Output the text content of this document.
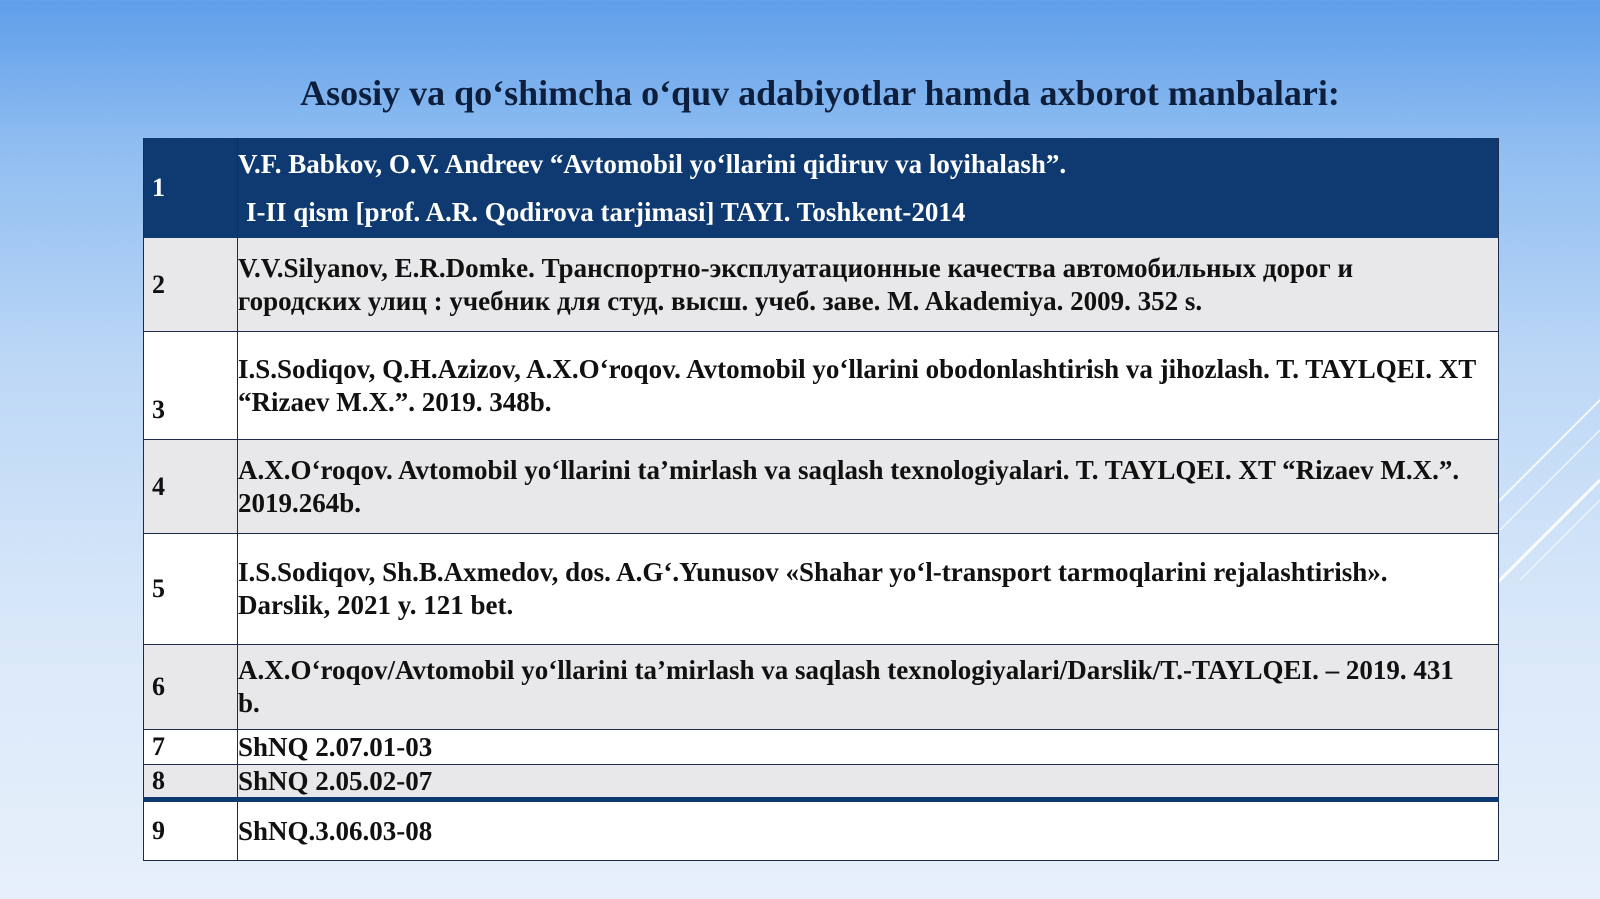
Asosiy va qo‘shimcha o‘quv adabiyotlar hamda axborot manbalari:
1	V.F. Babkov, O.V. Andreev “Avtomobil yo‘llarini qidiruv va loyihalash”.
I-II qism [prof. A.R. Qodirova tarjimasi] TAYI. Toshkent-2014

2	V.V.Silyanov, E.R.Domke. Транспортно-эксплуатационные качества автомобильных дорог и городских улиц : учебник для студ. высш. учеб. заве. M. Akademiya. 2009. 352 s.
3	I.S.Sodiqov, Q.H.Azizov, A.X.O‘roqov. Avtomobil yo‘llarini obodonlashtirish va jihozlash. T. TAYLQEI. XT “Rizaev M.X.”. 2019. 348b.
4	A.X.O‘roqov. Avtomobil yo‘llarini ta’mirlash va saqlash texnologiyalari. T. TAYLQEI. XT “Rizaev M.X.”. 2019.264b.
5	I.S.Sodiqov, Sh.B.Axmedov, dos. A.G‘.Yunusov «Shahar yo‘l-transport tarmoqlarini rejalashtirish». Darslik, 2021 y. 121 bet.
6	A.X.O‘roqov/Avtomobil yo‘llarini ta’mirlash va saqlash texnologiyalari/Darslik/T.-TAYLQEI. – 2019. 431 b.
7	ShNQ 2.07.01-03
8	ShNQ 2.05.02-07
9	ShNQ.3.06.03-08
